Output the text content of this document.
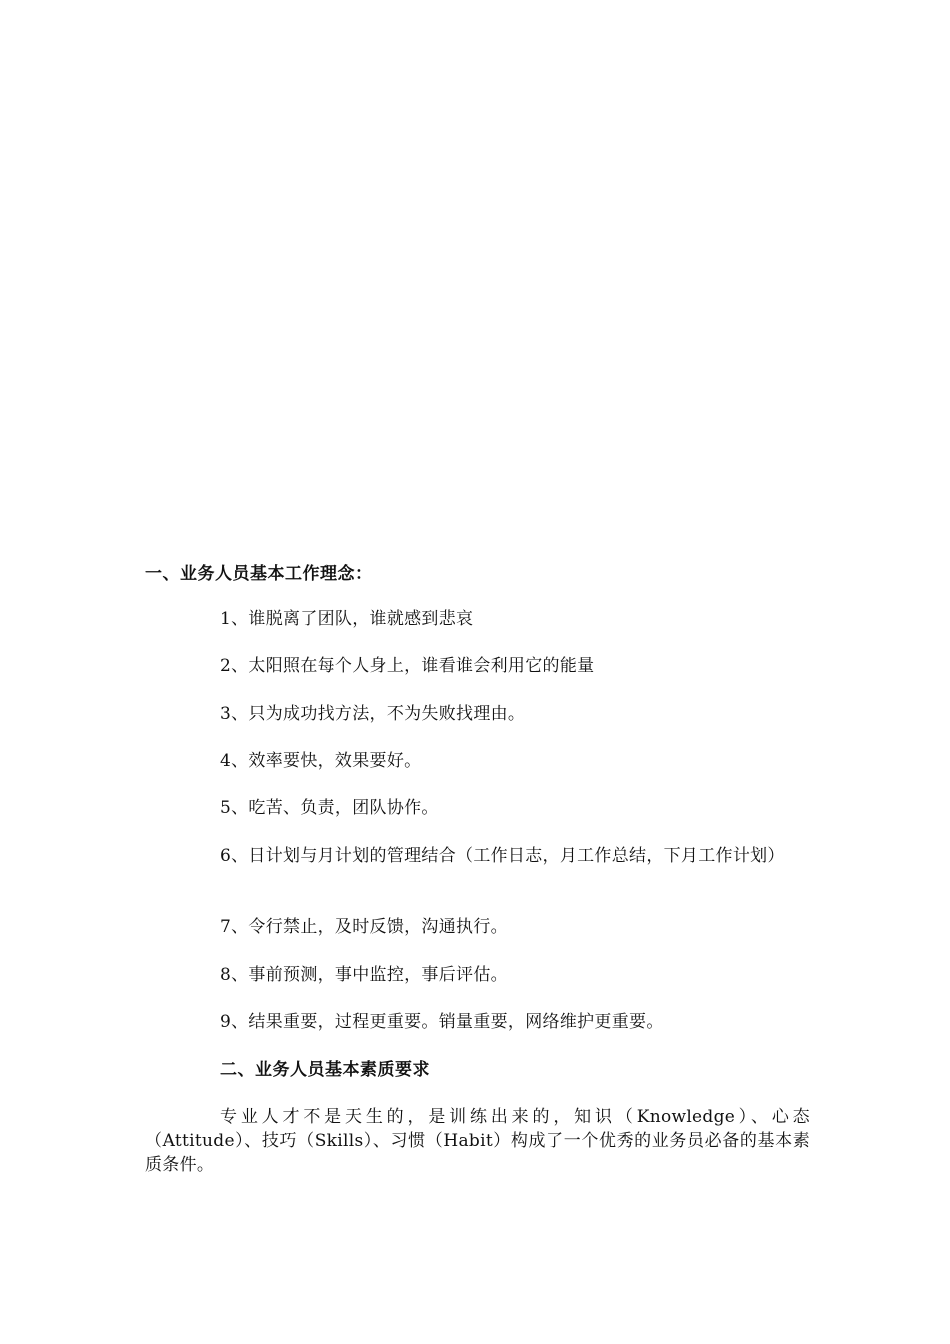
一、业务人员基本工作理念：
1、谁脱离了团队，谁就感到悲哀
2、太阳照在每个人身上，谁看谁会利用它的能量
3、只为成功找方法，不为失败找理由。
4、效率要快，效果要好。
5、吃苦、负责，团队协作。
6、日计划与月计划的管理结合（工作日志，月工作总结，下月工作计划）
7、令行禁止，及时反馈，沟通执行。
8、事前预测，事中监控，事后评估。
9、结果重要，过程更重要。销量重要，网络维护更重要。
二、业务人员基本素质要求
专业人才不是天生的，是训练出来的，知识（Knowledge）、心态（Attitude）、技巧（Skills）、习惯（Habit）构成了一个优秀的业务员必备的基本素质条件。
